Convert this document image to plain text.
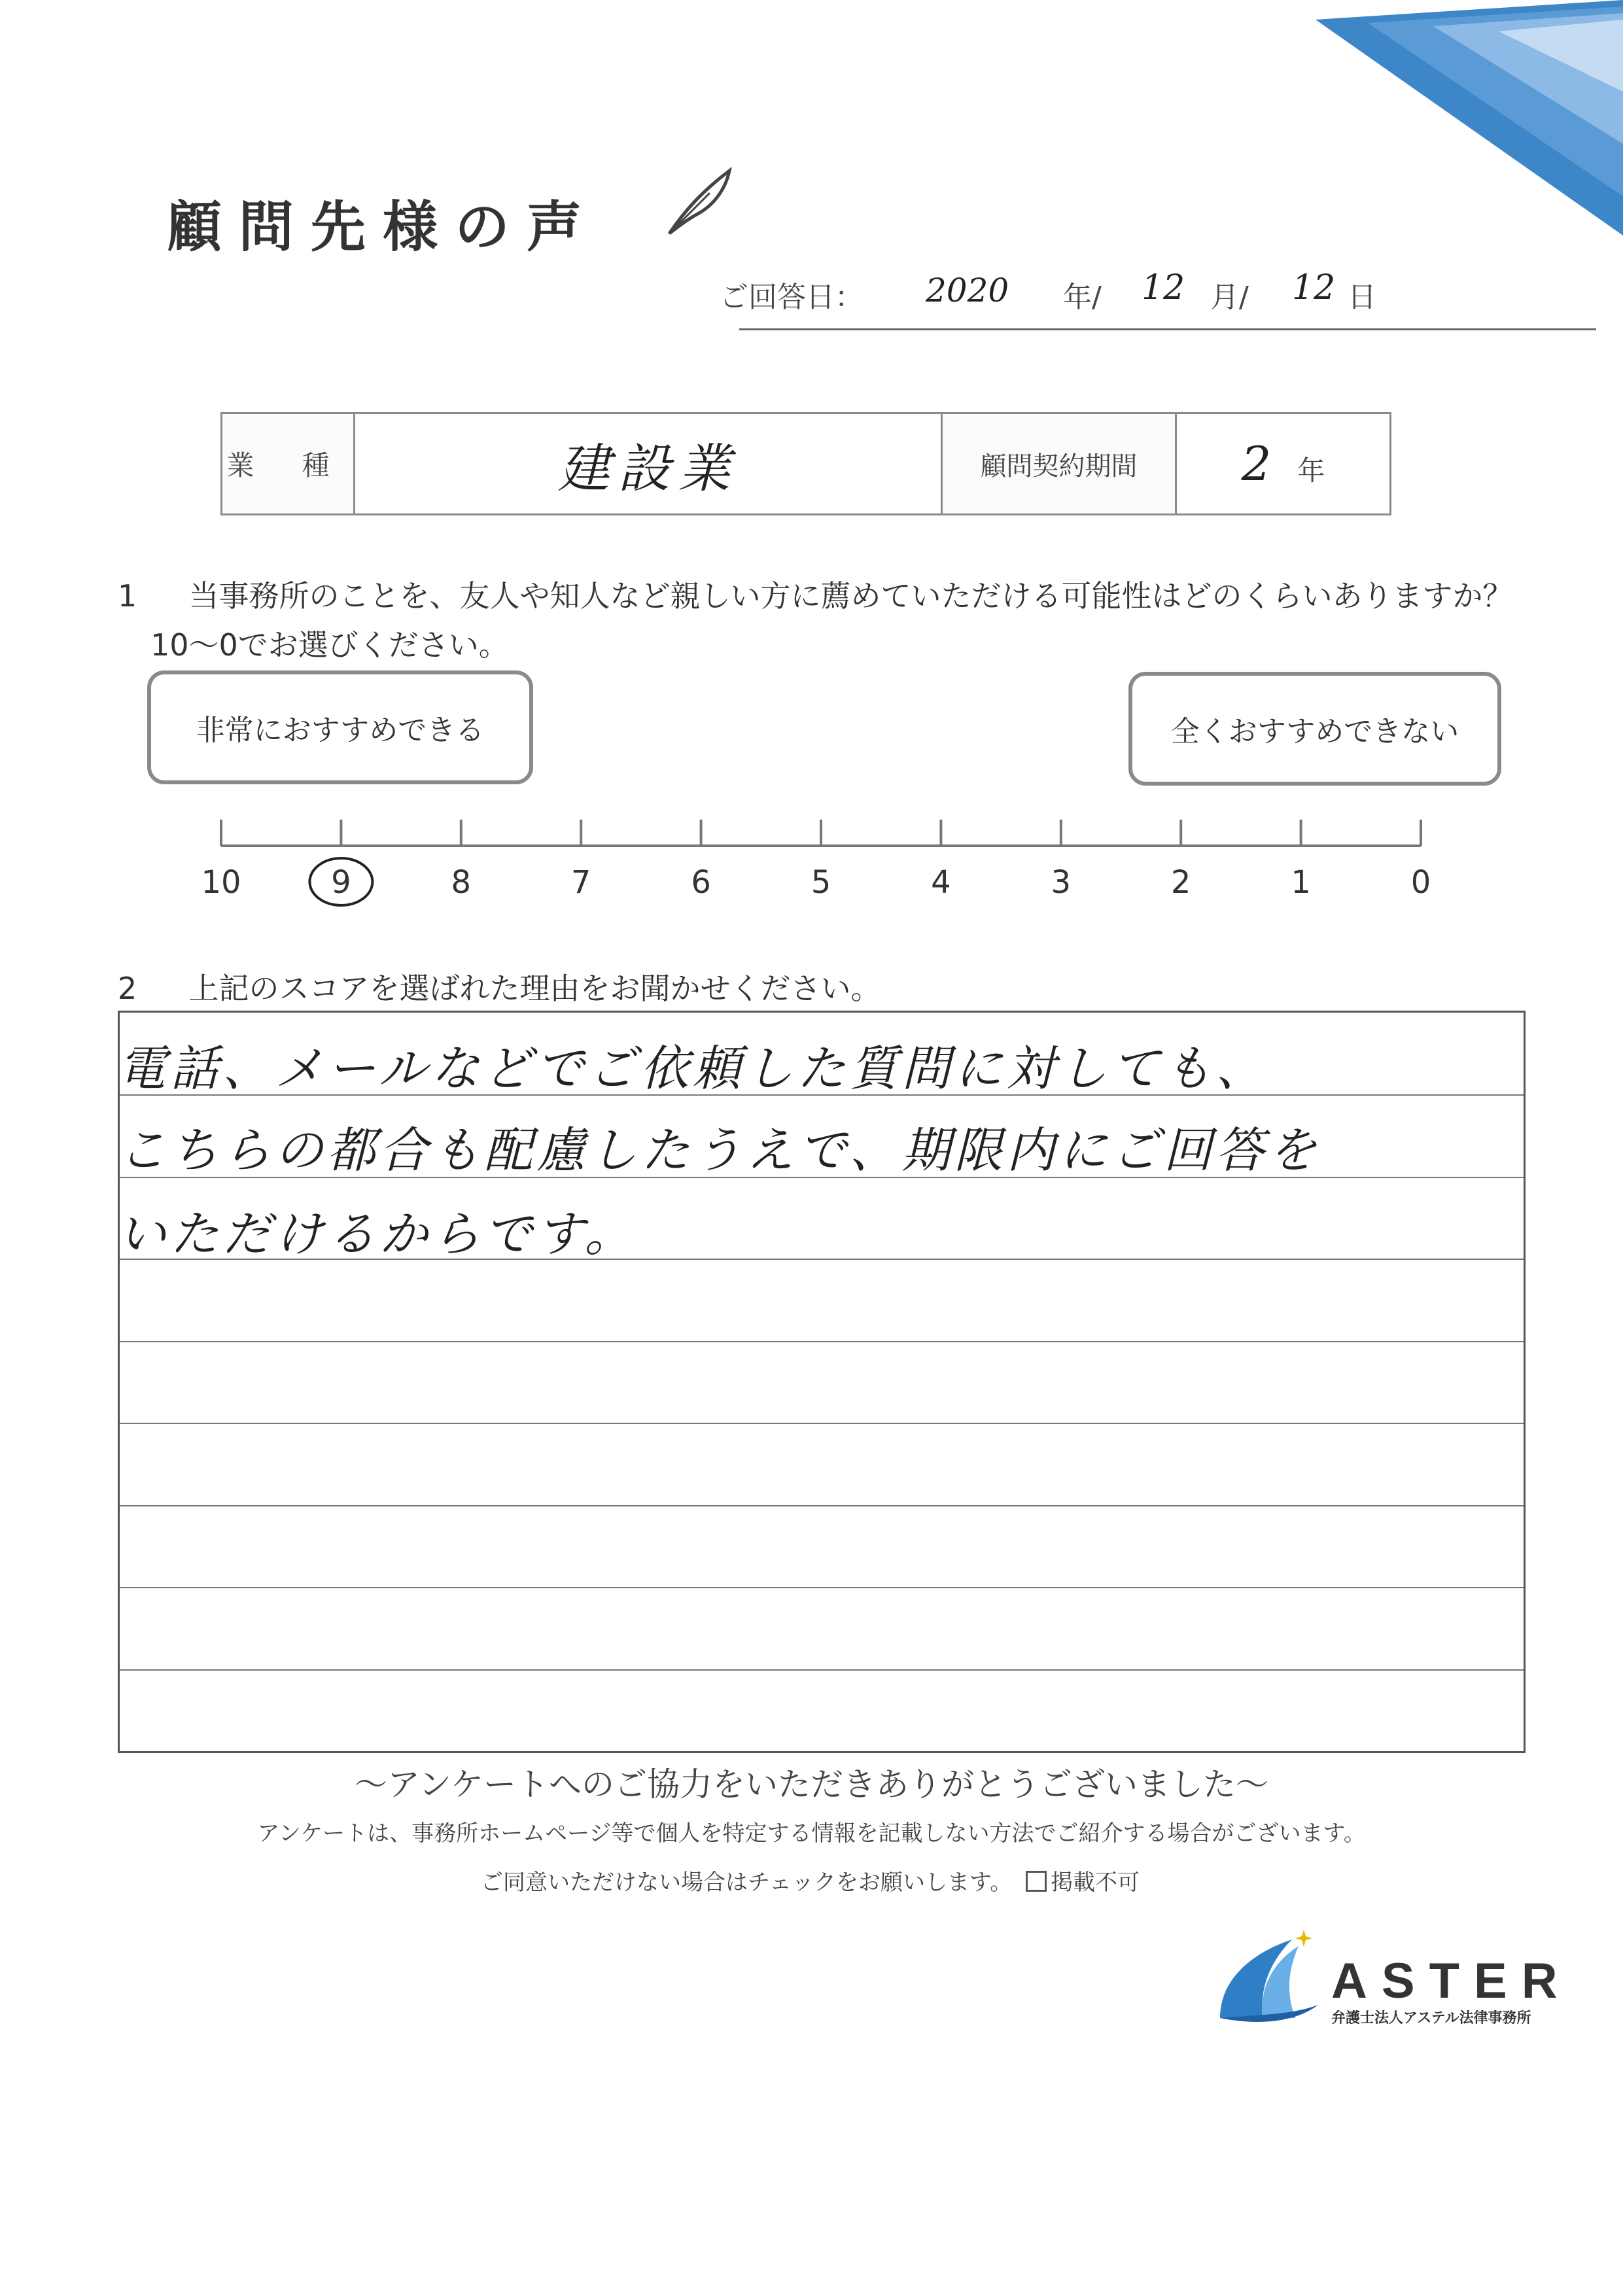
顧問先様の声
ご回答日： 2020 年/ 12 月/ 12 日
業 種	建設業	顧問契約期間	2 年
1 当事務所のことを、友人や知人など親しい方に薦めていただける可能性はどのくらいありますか？
10〜0でお選びください。
非常におすすめできる	全くおすすめできない
10	9	8	7	6	5	4	3	2	1	0
2 上記のスコアを選ばれた理由をお聞かせください。
電話、メールなどでご依頼した質問に対しても、
こちらの都合も配慮したうえで、期限内にご回答を
いただけるからです。
〜アンケートへのご協力をいただきありがとうございました〜
アンケートは、事務所ホームページ等で個人を特定する情報を記載しない方法でご紹介する場合がございます。
ご同意いただけない場合はチェックをお願いします。	掲載不可
ASTER
弁護士法人アステル法律事務所
